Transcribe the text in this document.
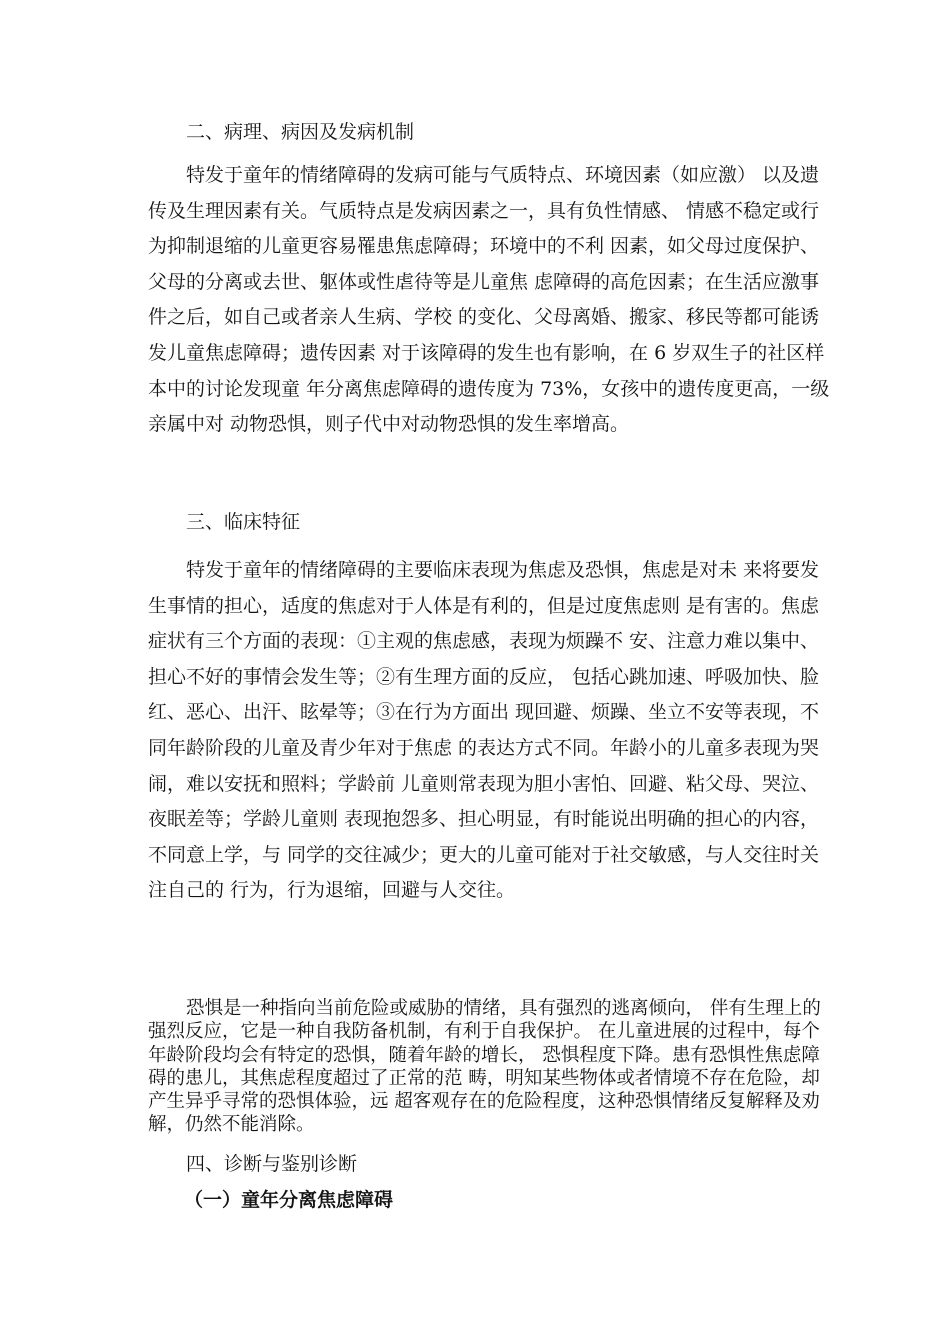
二、病理、病因及发病机制

特发于童年的情绪障碍的发病可能与气质特点、环境因素（如应激） 以及遗传及生理因素有关。气质特点是发病因素之一，具有负性情感、 情感不稳定或行为抑制退缩的儿童更容易罹患焦虑障碍；环境中的不利 因素，如父母过度保护、父母的分离或去世、躯体或性虐待等是儿童焦 虑障碍的高危因素；在生活应激事件之后，如自己或者亲人生病、学校 的变化、父母离婚、搬家、移民等都可能诱发儿童焦虑障碍；遗传因素 对于该障碍的发生也有影响，在 6 岁双生子的社区样本中的讨论发现童 年分离焦虑障碍的遗传度为 73%，女孩中的遗传度更高，一级亲属中对 动物恐惧，则子代中对动物恐惧的发生率增高。

三、临床特征

特发于童年的情绪障碍的主要临床表现为焦虑及恐惧，焦虑是对未 来将要发生事情的担心，适度的焦虑对于人体是有利的，但是过度焦虑则 是有害的。焦虑症状有三个方面的表现：①主观的焦虑感，表现为烦躁不 安、注意力难以集中、担心不好的事情会发生等；②有生理方面的反应， 包括心跳加速、呼吸加快、脸红、恶心、出汗、眩晕等；③在行为方面出 现回避、烦躁、坐立不安等表现，不同年龄阶段的儿童及青少年对于焦虑 的表达方式不同。年龄小的儿童多表现为哭闹，难以安抚和照料；学龄前 儿童则常表现为胆小害怕、回避、粘父母、哭泣、夜眠差等；学龄儿童则 表现抱怨多、担心明显，有时能说出明确的担心的内容，不同意上学，与 同学的交往减少；更大的儿童可能对于社交敏感，与人交往时关注自己的 行为，行为退缩，回避与人交往。

恐惧是一种指向当前危险或威胁的情绪，具有强烈的逃离倾向， 伴有生理上的强烈反应，它是一种自我防备机制，有利于自我保护。 在儿童进展的过程中，每个年龄阶段均会有特定的恐惧，随着年龄的增长， 恐惧程度下降。患有恐惧性焦虑障碍的患儿，其焦虑程度超过了正常的范 畴，明知某些物体或者情境不存在危险，却产生异乎寻常的恐惧体验，远 超客观存在的危险程度，这种恐惧情绪反复解释及劝解，仍然不能消除。

四、诊断与鉴别诊断
（一）童年分离焦虑障碍
